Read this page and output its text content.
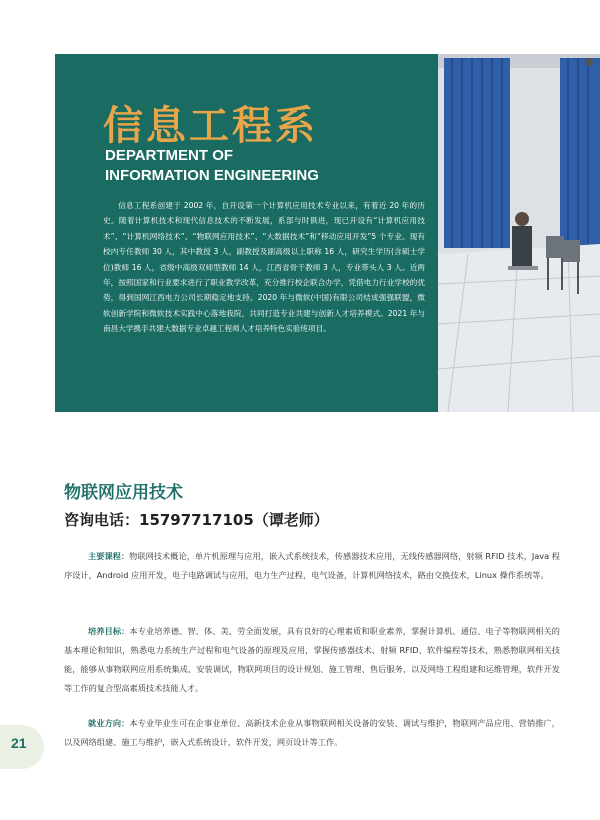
信息工程系
DEPARTMENT OF
INFORMATION ENGINEERING

信息工程系创建于 2002 年，自开设第一个计算机应用技术专业以来，有着近 20 年的历史。随着计算机技术和现代信息技术的不断发展，系部与时俱进，现已开设有“计算机应用技术”、“计算机网络技术”、“物联网应用技术”、“大数据技术”和“移动应用开发”5 个专业。现有校内专任教师 30 人，其中教授 3 人，副教授及副高级以上职称 16 人，研究生学历(含硕士学位)教师 16 人，省级中高级双师型教师 14 人，江西省骨干教师 3 人，专业带头人 3 人。近两年，按照国家和行业要求进行了职业教学改革，充分推行校企联合办学，凭借电力行业学校的优势，得到国网江西电力公司长期稳定地支持。2020 年与微软(中国)有限公司结成强强联盟，微软创新学院和微软技术实践中心落地我院，共同打造专业共建与创新人才培养模式。2021 年与南昌大学携手共建大数据专业卓越工程师人才培养特色实验班项目。

物联网应用技术

咨询电话：15797717105（谭老师）

主要课程：物联网技术概论，单片机原理与应用，嵌入式系统技术，传感器技术应用，无线传感器网络，射频 RFID 技术，Java 程序设计，Android 应用开发，电子电路调试与应用，电力生产过程，电气设备，计算机网络技术，路由交换技术，Linux 操作系统等。

培养目标：本专业培养德、智、体、美、劳全面发展，具有良好的心理素质和职业素养，掌握计算机、通信、电子等物联网相关的基本理论和知识，熟悉电力系统生产过程和电气设备的原理及应用，掌握传感器技术、射频 RFID、软件编程等技术，熟悉物联网相关技能，能够从事物联网应用系统集成、安装调试，物联网项目的设计规划、施工管理、售后服务，以及网络工程组建和运维管理，软件开发等工作的复合型高素质技术技能人才。

就业方向：本专业毕业生可在企事业单位、高新技术企业从事物联网相关设备的安装、调试与维护，物联网产品应用、营销推广，以及网络组建、施工与维护，嵌入式系统设计，软件开发，网页设计等工作。

21
